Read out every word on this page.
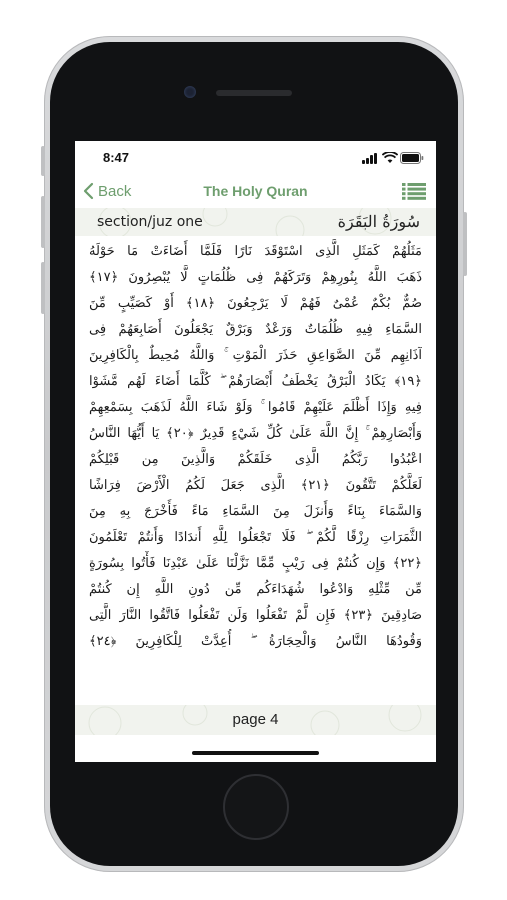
8:47
Back	The Holy Quran
section/juz one	سُورَةُ البَقَرَة
مَثَلُهُمْ كَمَثَلِ الَّذِى اسْتَوْقَدَ نَارًا فَلَمَّا أَضَاءَتْ مَا حَوْلَهُ
ذَهَبَ اللَّهُ بِنُورِهِمْ وَتَرَكَهُمْ فِى ظُلُمَاتٍ لَّا يُبْصِرُونَ ﴿١٧﴾
صُمٌّ بُكْمٌ عُمْىٌ فَهُمْ لَا يَرْجِعُونَ ﴿١٨﴾ أَوْ كَصَيِّبٍ مِّنَ
السَّمَاءِ فِيهِ ظُلُمَاتٌ وَرَعْدٌ وَبَرْقٌ يَجْعَلُونَ أَصَابِعَهُمْ فِى
آذَانِهِم مِّنَ الصَّوَاعِقِ حَذَرَ الْمَوْتِ ۚ وَاللَّهُ مُحِيطٌ بِالْكَافِرِينَ
﴿١٩﴾ يَكَادُ الْبَرْقُ يَخْطَفُ أَبْصَارَهُمْ ۖ كُلَّمَا أَضَاءَ لَهُم مَّشَوْا
فِيهِ وَإِذَا أَظْلَمَ عَلَيْهِمْ قَامُوا ۚ وَلَوْ شَاءَ اللَّهُ لَذَهَبَ بِسَمْعِهِمْ
وَأَبْصَارِهِمْ ۚ إِنَّ اللَّهَ عَلَىٰ كُلِّ شَيْءٍ قَدِيرٌ ﴿٢٠﴾ يَا أَيُّهَا النَّاسُ
اعْبُدُوا رَبَّكُمُ الَّذِى خَلَقَكُمْ وَالَّذِينَ مِن قَبْلِكُمْ
لَعَلَّكُمْ تَتَّقُونَ ﴿٢١﴾ الَّذِى جَعَلَ لَكُمُ الْأَرْضَ فِرَاشًا
وَالسَّمَاءَ بِنَاءً وَأَنزَلَ مِنَ السَّمَاءِ مَاءً فَأَخْرَجَ بِهِ مِنَ
الثَّمَرَاتِ رِزْقًا لَّكُمْ ۖ فَلَا تَجْعَلُوا لِلَّهِ أَندَادًا وَأَنتُمْ تَعْلَمُونَ
﴿٢٢﴾ وَإِن كُنتُمْ فِى رَيْبٍ مِّمَّا نَزَّلْنَا عَلَىٰ عَبْدِنَا فَأْتُوا بِسُورَةٍ
مِّن مِّثْلِهِ وَادْعُوا شُهَدَاءَكُم مِّن دُونِ اللَّهِ إِن كُنتُمْ
صَادِقِينَ ﴿٢٣﴾ فَإِن لَّمْ تَفْعَلُوا وَلَن تَفْعَلُوا فَاتَّقُوا النَّارَ الَّتِى
وَقُودُهَا النَّاسُ وَالْحِجَارَةُ ۖ أُعِدَّتْ لِلْكَافِرِينَ ﴿٢٤﴾
page 4
